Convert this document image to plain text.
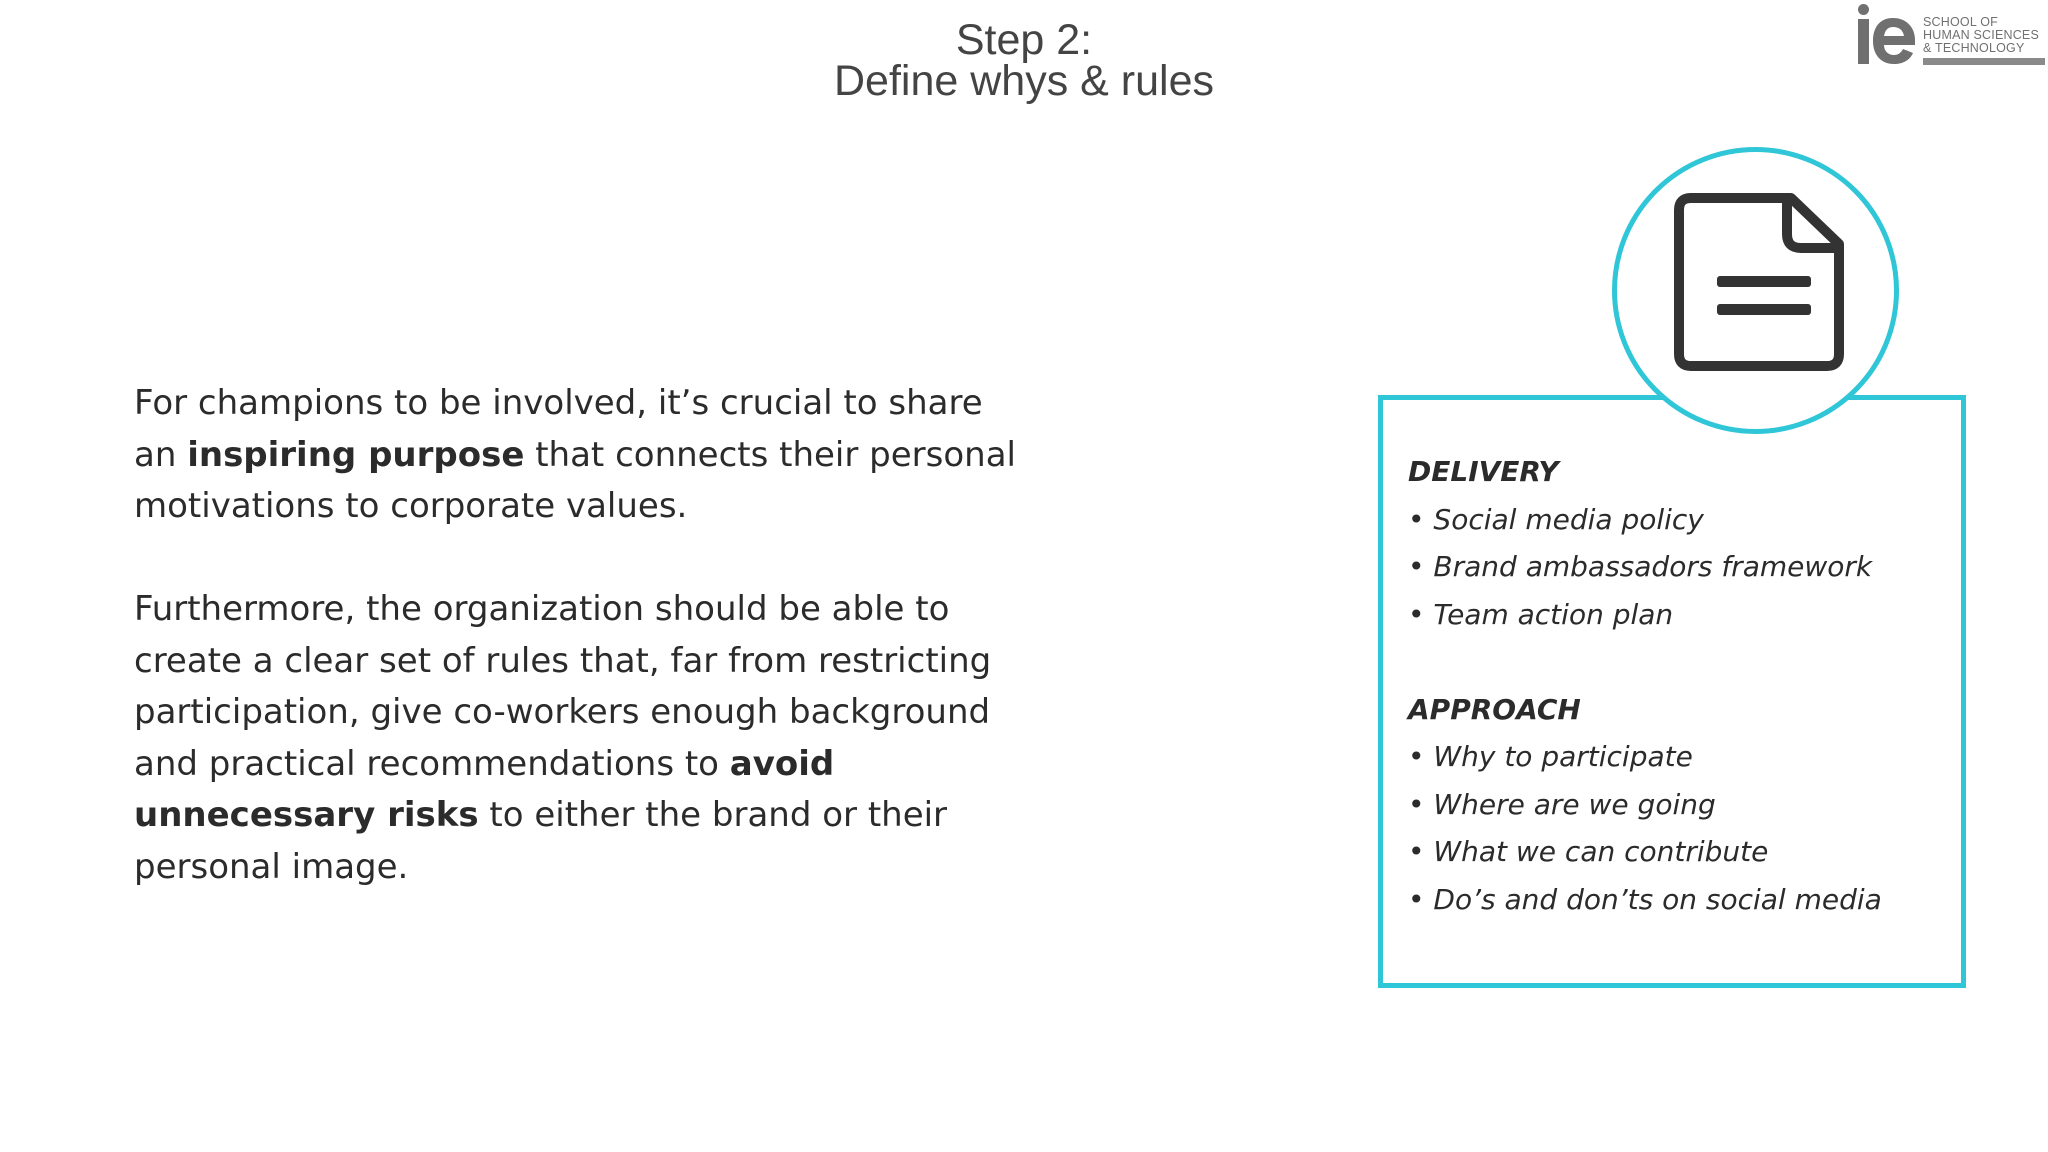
Step 2:
Define whys & rules
SCHOOL OF
HUMAN SCIENCES
& TECHNOLOGY

For champions to be involved, it’s crucial to share an inspiring purpose that connects their personal motivations to corporate values.

Furthermore, the organization should be able to create a clear set of rules that, far from restricting participation, give co-workers enough background and practical recommendations to avoid unnecessary risks to either the brand or their personal image.

DELIVERY
• Social media policy
• Brand ambassadors framework
• Team action plan
APPROACH
• Why to participate
• Where are we going
• What we can contribute
• Do’s and don’ts on social media
